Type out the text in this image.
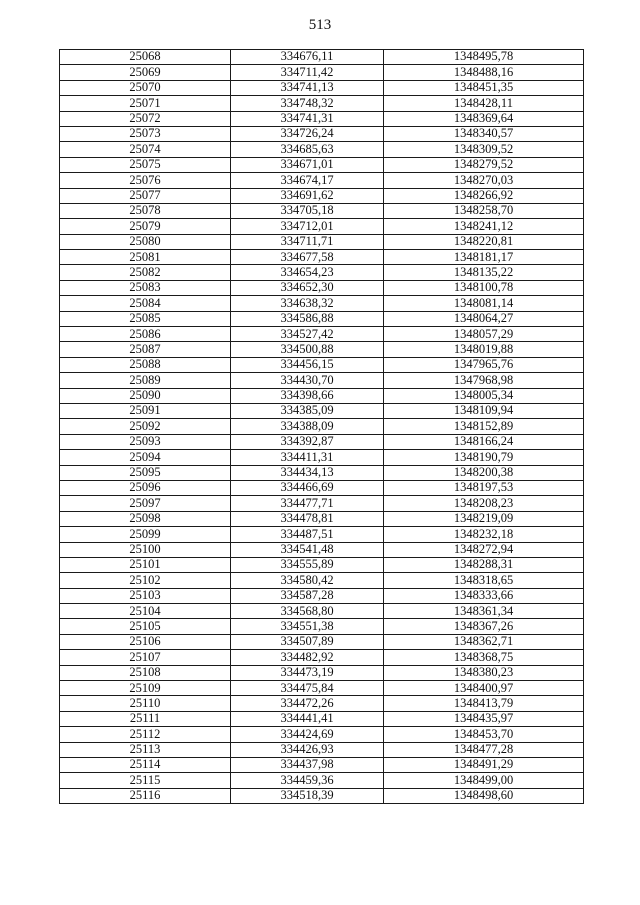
513
25068	334676,11	1348495,78
25069	334711,42	1348488,16
25070	334741,13	1348451,35
25071	334748,32	1348428,11
25072	334741,31	1348369,64
25073	334726,24	1348340,57
25074	334685,63	1348309,52
25075	334671,01	1348279,52
25076	334674,17	1348270,03
25077	334691,62	1348266,92
25078	334705,18	1348258,70
25079	334712,01	1348241,12
25080	334711,71	1348220,81
25081	334677,58	1348181,17
25082	334654,23	1348135,22
25083	334652,30	1348100,78
25084	334638,32	1348081,14
25085	334586,88	1348064,27
25086	334527,42	1348057,29
25087	334500,88	1348019,88
25088	334456,15	1347965,76
25089	334430,70	1347968,98
25090	334398,66	1348005,34
25091	334385,09	1348109,94
25092	334388,09	1348152,89
25093	334392,87	1348166,24
25094	334411,31	1348190,79
25095	334434,13	1348200,38
25096	334466,69	1348197,53
25097	334477,71	1348208,23
25098	334478,81	1348219,09
25099	334487,51	1348232,18
25100	334541,48	1348272,94
25101	334555,89	1348288,31
25102	334580,42	1348318,65
25103	334587,28	1348333,66
25104	334568,80	1348361,34
25105	334551,38	1348367,26
25106	334507,89	1348362,71
25107	334482,92	1348368,75
25108	334473,19	1348380,23
25109	334475,84	1348400,97
25110	334472,26	1348413,79
25111	334441,41	1348435,97
25112	334424,69	1348453,70
25113	334426,93	1348477,28
25114	334437,98	1348491,29
25115	334459,36	1348499,00
25116	334518,39	1348498,60
